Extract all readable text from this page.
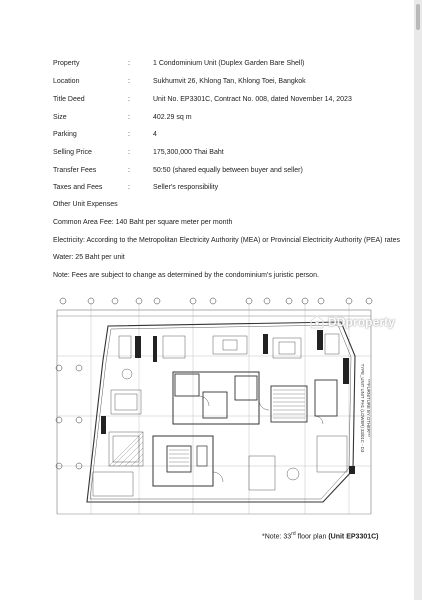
Property	:	1 Condominium Unit (Duplex Garden Bare Shell)
Location	:	Sukhumvit 26, Khlong Tan, Khlong Toei, Bangkok
Title Deed	:	Unit No. EP3301C, Contract No. 008, dated November 14, 2023
Size	:	402.29 sq m
Parking	:	4
Selling Price	:	175,300,000 Thai Baht
Transfer Fees	:	50:50 (shared equally between buyer and seller)
Taxes and Fees	:	Seller's responsibility
Other Unit Expenses
Common Area Fee: 140 Baht per square meter per month
Electricity: According to the Metropolitan Electricity Authority (MEA) or Provincial Electricity Authority (PEA) rates
Water: 25 Baht per unit
Note: Fees are subject to change as determined by the condominium's juristic person.
TYPE_UNIT UNIT PH1 (LOWER) 33/01C - D3 ***FURNITURE BY OTHER***
DDproperty
*Note: 33rd floor plan (Unit EP3301C)
